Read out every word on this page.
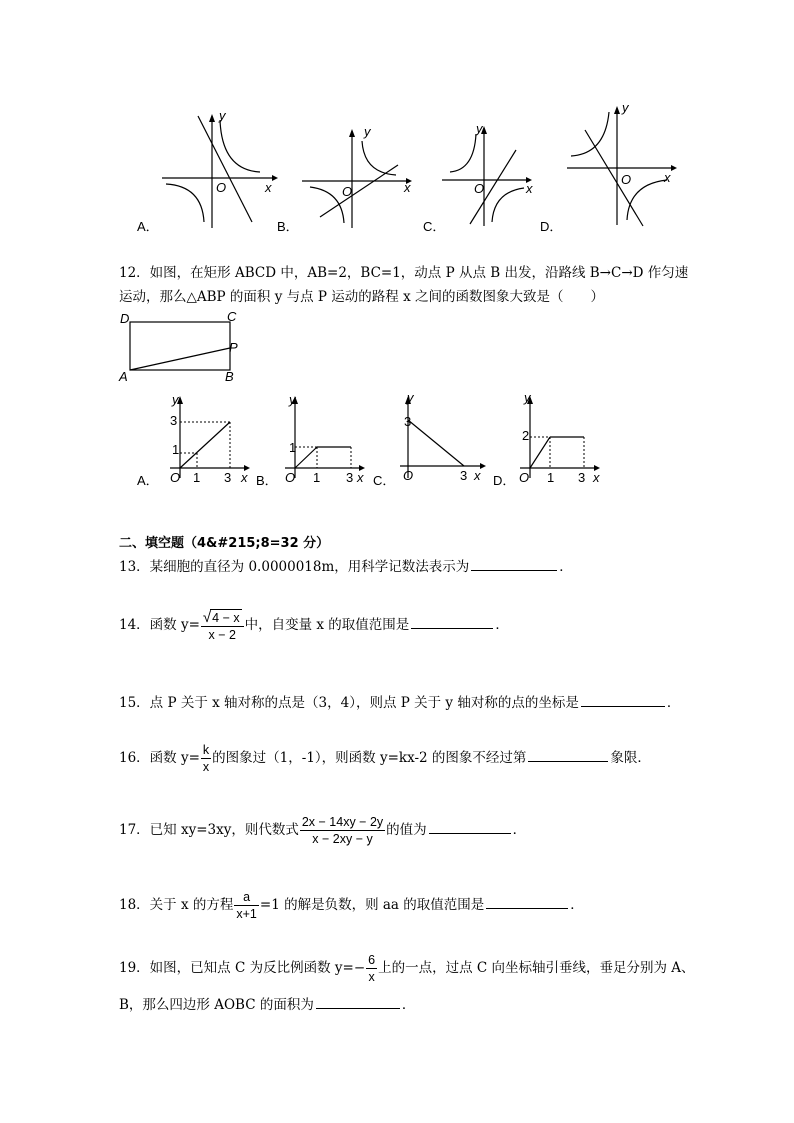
y
x
O
A．
y
x
O
B．
y
x
O
C．
y
x
O
D．
12．如图，在矩形 ABCD 中，AB=2，BC=1，动点 P 从点 B 出发，沿路线 B→C→D 作匀速
运动，那么△ABP 的面积 y 与点 P 运动的路程 x 之间的函数图象大致是（　　）
D	C
P
A	B
y
3
1
O 1 3 x
A．
y
1
O 1 3 x
B．
y
3
O	3 x
C．
y
2
O 1 3 x
D．
二、填空题（4&#215;8=32 分）
13．某细胞的直径为 0.0000018m，用科学记数法表示为	．
14．函数 $y= \frac{√4 - x}{x - 2}$ 中，自变量 x 的取值范围是	．
15．点 P 关于 x 轴对称的点是（3，4），则点 P 关于 y 轴对称的点的坐标是	．
16．函数 $y= \frac{k}{x}$ 的图象过（1，-1），则函数 y=kx-2 的图象不经过第	象限．
17．已知 xy=3xy，则代数式 $\frac{2x - 14xy - 2y}{x - 2xy - y}$ 的值为	．
18．关于 x 的方程 $\frac{a}{x+1} =1$ 的解是负数，则 aa 的取值范围是	．
19．如图，已知点 C 为反比例函数 $y=- \frac{6}{x}$ 上的一点，过点 C 向坐标轴引垂线，垂足分别为 A、
B，那么四边形 AOBC 的面积为	．
